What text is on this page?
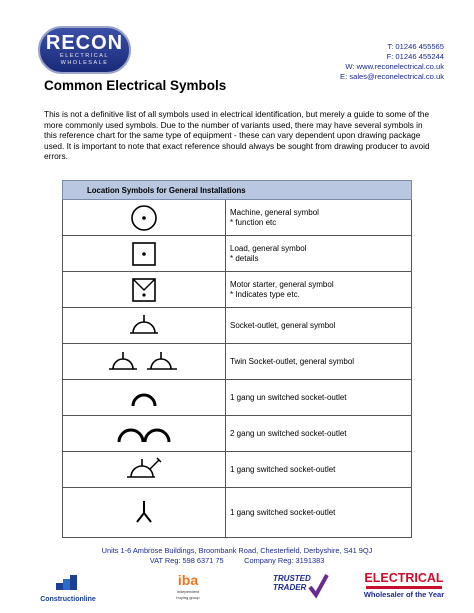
RECON
ELECTRICAL
WHOLESALE
T: 01246 455565
F: 01246 455244
W: www.reconelectrical.co.uk
E: sales@reconelectrical.co.uk
Common Electrical Symbols

This is not a definitive list of all symbols used in electrical identification, but merely a guide to some of the more commonly used symbols. Due to the number of variants used, there may have several symbols in this reference chart for the same type of equipment - these can vary dependent upon drawing package used. It is important to note that exact reference should always be sought from drawing producer to avoid errors.

Location Symbols for General Installations	

Machine, general symbol
* function etc

Load, general symbol
* details

Motor starter, general symbol
* Indicates type etc.

Socket-outlet, general symbol

Twin Socket-outlet, general symbol

1 gang un switched socket-outlet

2 gang un switched socket-outlet

1 gang switched socket-outlet

1 gang switched socket-outlet
Units 1-6 Ambrose Buildings, Broombank Road, Chesterfield, Derbyshire, S41 9QJ
VAT Reg: 598 6371 75          Company Reg: 3191383
Constructionline
iba
independent buying group
TRUSTED TRADER
ELECTRICAL
Wholesaler of the Year
